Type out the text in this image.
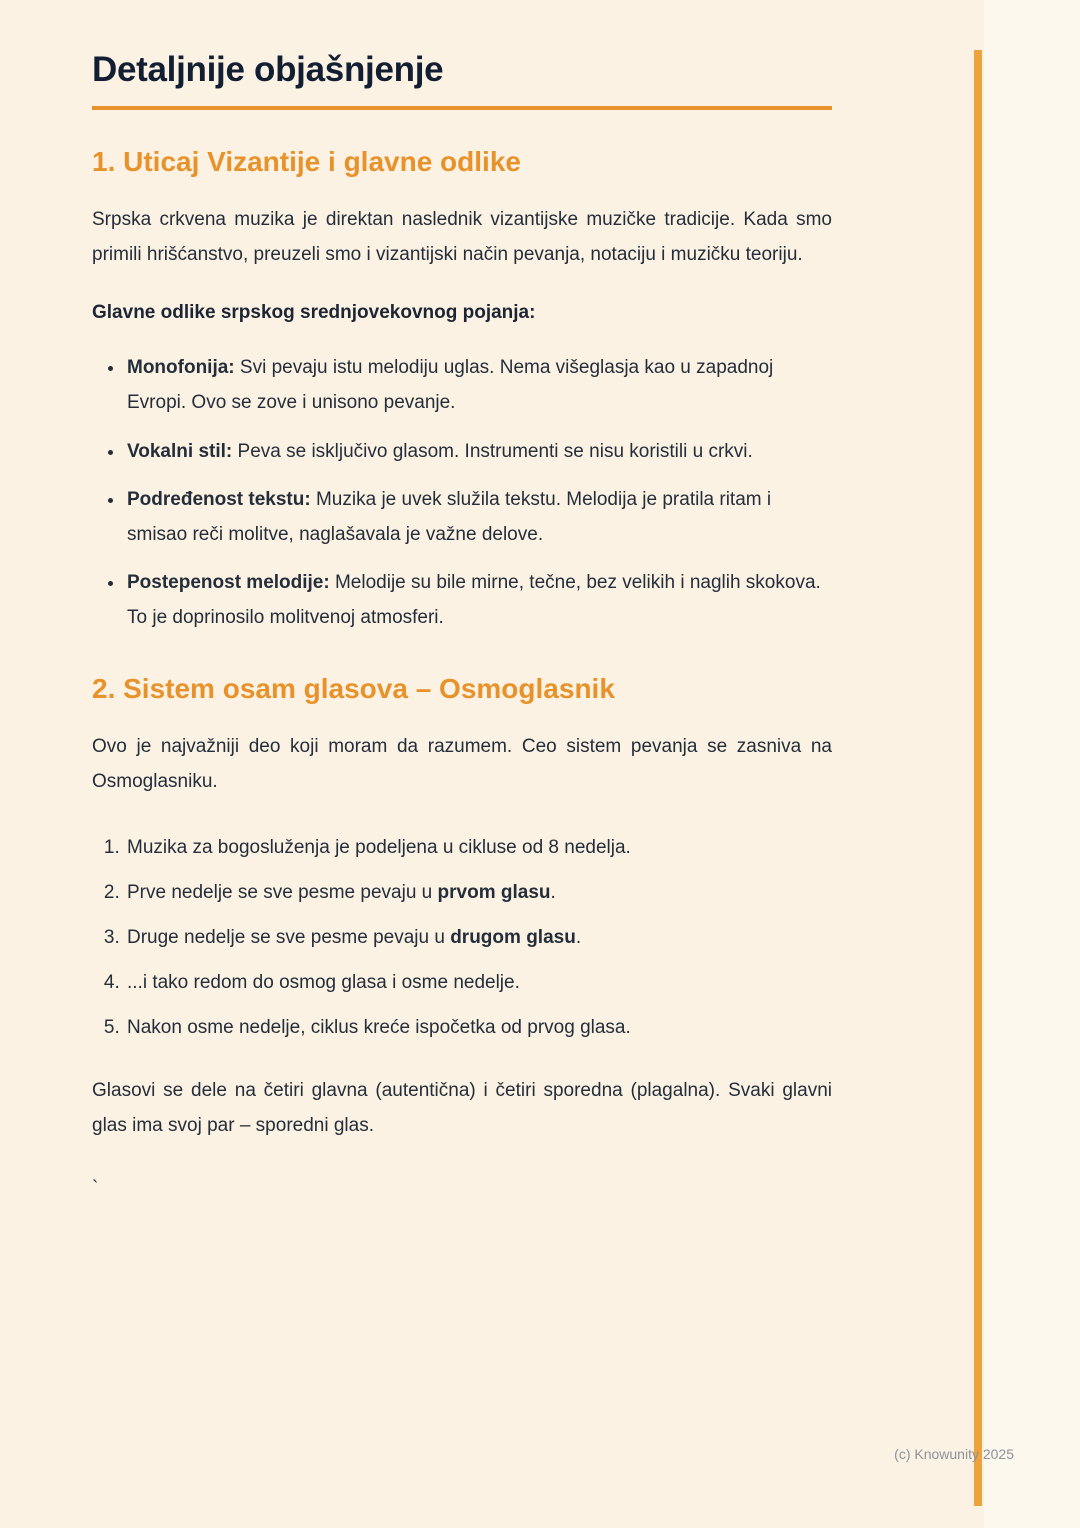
Detaljnije objašnjenje
1. Uticaj Vizantije i glavne odlike

Srpska crkvena muzika je direktan naslednik vizantijske muzičke tradicije. Kada smo primili hrišćanstvo, preuzeli smo i vizantijski način pevanja, notaciju i muzičku teoriju.

Glavne odlike srpskog srednjovekovnog pojanja:

• Monofonija: Svi pevaju istu melodiju uglas. Nema višeglasja kao u zapadnoj Evropi. Ovo se zove i unisono pevanje.
• Vokalni stil: Peva se isključivo glasom. Instrumenti se nisu koristili u crkvi.
• Podređenost tekstu: Muzika je uvek služila tekstu. Melodija je pratila ritam i smisao reči molitve, naglašavala je važne delove.
• Postepenost melodije: Melodije su bile mirne, tečne, bez velikih i naglih skokova. To je doprinosilo molitvenoj atmosferi.
2. Sistem osam glasova – Osmoglasnik

Ovo je najvažniji deo koji moram da razumem. Ceo sistem pevanja se zasniva na Osmoglasniku.

1. Muzika za bogosluženja je podeljena u cikluse od 8 nedelja.
2. Prve nedelje se sve pesme pevaju u prvom glasu.
3. Druge nedelje se sve pesme pevaju u drugom glasu.
4. ...i tako redom do osmog glasa i osme nedelje.
5. Nakon osme nedelje, ciklus kreće ispočetka od prvog glasa.

Glasovi se dele na četiri glavna (autentična) i četiri sporedna (plagalna). Svaki glavni glas ima svoj par – sporedni glas.

`
(c) Knowunity 2025
